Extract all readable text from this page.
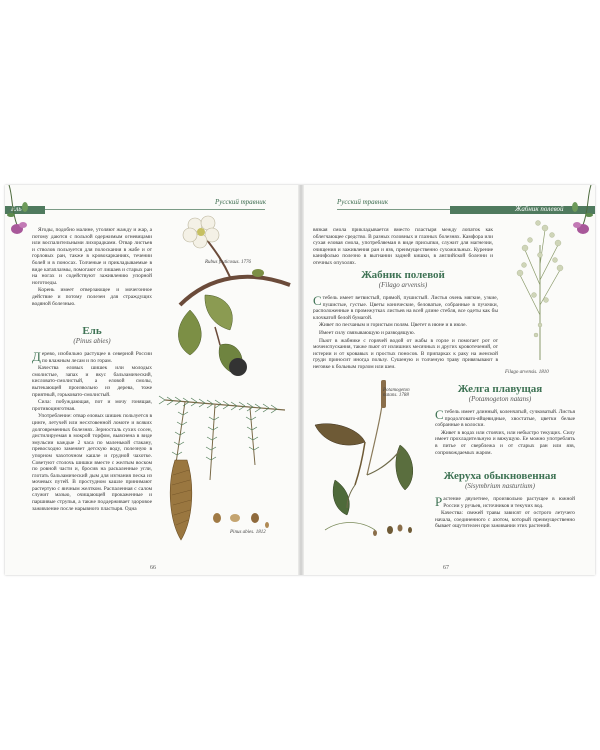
Ель
Русский травник
Жабник полевой
Русский травник

Ягоды, подобно малине, утоляют жажду и жар, а потому даются с пользой одержимым огневицами или воспалительными лихорадками. Отвар листьев и стволов пользуется для полоскания в жабе и от горловых ран, также в кровохарканиях, течении болей и в поносах. Толченые и прикладываемые в виде катаплазмы, помогают от лишаев и старых ран на ногах и содействуют заживлению упорной ноготоеды.

Корень имеет отверзающее и мочегонное действие и потому полезен для страждущих водяной болезнью.

Ель
(Pinus abies)

Дерево, изобильно растущее в северной России по влажным лесам и по горам.

Качества еловых шишек или молодых смолистые, запах и вкус бальзамический, кисловато-смолистый, а еловой смолы, вытекающей произвольно из дерева, тоже приятный, горьковато-смолистый.

Сила: побуждающая, пот и мочу гонящая, противоцинготная.

Употребление: отвар еловых шишек пользуется в цинге, летучей или несхтовенной ломоте и всяких долговременных болезнях. Зерносталь сухих сосен, дистилируемая в мокрой торфом, выяснена в виде эмульсии каждые 2 часа по маленькой стакану, превосходно заменяет детскую воду, полезную в упорном чахоточном кашле и грудной чахотке. Советуют столочь шишки вместе с желтым воском по ровной части и, бросив на раскаленные угли, глотать бальзамический дым для изгнания песка из мочевых путей. В простудном кашле принимают растертую с яичным желтком. Распаленная с салом служит мазью, очищающей прокаженные и паршивые струпья, а также поддерживает здоровое заживление после нарывного пластыря. Одна

Rubus fruticosus. 1776
Pinus abies. 1812
66

вязкая смола прикладывается вместо пластыря между лопаток как облегчающее средство. В разных головных и глазных болезнях. Камфора или сухая еловая смола, употребляемая в виде присыпки, служит для магнезии, очищения и заживления ран и язв, преимущественно сухожильных. Курение канифолью полезно в выгнании задней кишки, в английской болезни и отечных опухолях.

Жабник полевой
(Filago arvensis)

Стебель имеет ветвистый, прямой, пушистый. Листья очень мягкие, узкие, пушистые, густые. Цветы конические, беловатые, собранные в пучочки, расположенные в промежутках листьев на всей длине стебля, все одеты как бы клочкатой белой бумагой.

Живет по песчаным и гористым полям. Цветет в июне и в июле.

Имеет силу связывающую и разводящую.

Пьют в жабнике с горячей водой от жабы в горле и помогает рот от мочеиспускания, также пьют от излишних месячных и других кровотечений, от истерии и от кровавых и простых поносов. В припарках к раку на женской груди приносит иногда пользу. Сушеную и толченую траву привязывают в неговке к больным горлом или шеи.

Filago arvensis. 1810
Желга плавущая
(Potamogeton natans)

Стебель имеет длинный, коленчатый, сучковатый. Листья продолговато-яйцевидные, хвостатые, цветки белые собранные в колоски.

Живет в водах или стоячих, или небыстро текущих. Силу имеет прохладительную и вяжущую. Ее можно употреблять в питье от сверблежа и от старых ран или язв, сопровождаемых жаром.

Жеруха обыкновенная
(Sisymbrium nasturtium)

Растение двулетнее, произвольно растущее в южной России у ручьев, источников и текучих вод.

Качества: свежей травы зависят от острого летучего начала, соединенного с азотом, который преимущественно бывает ощутителен при заживании этих растений.

Potamogeton natans. 1788
67
